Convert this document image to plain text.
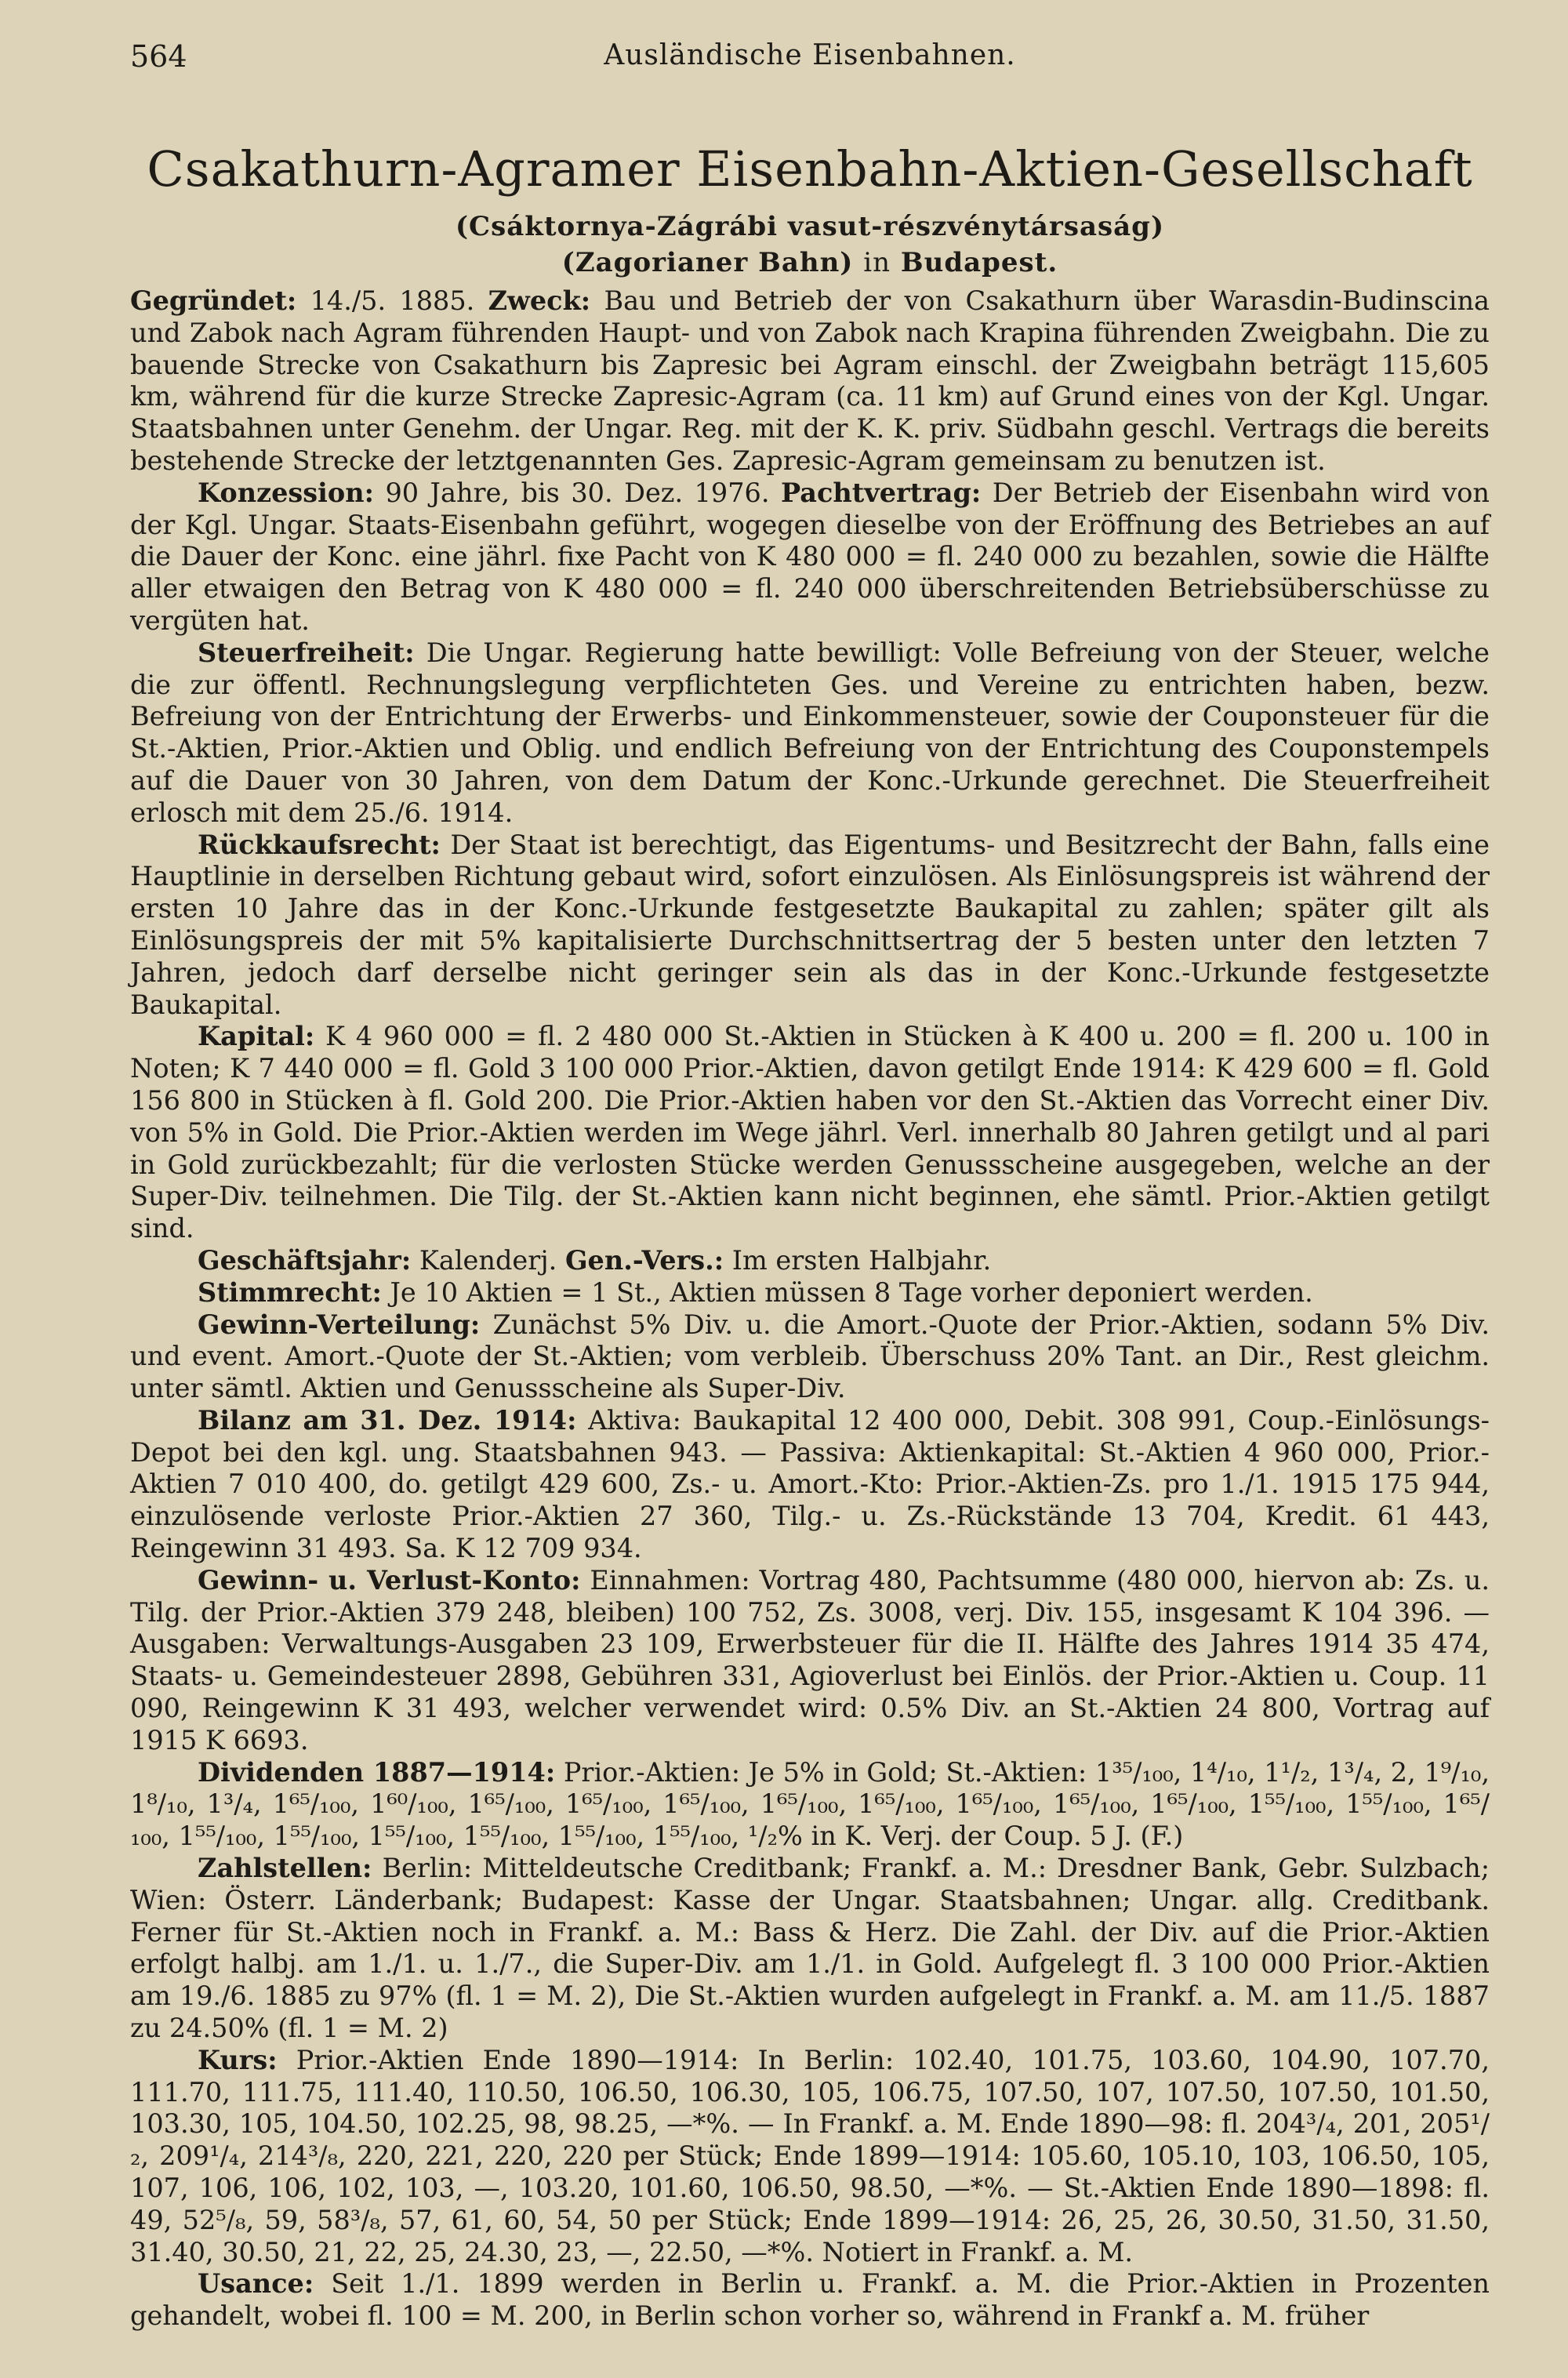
564	Ausländische Eisenbahnen.
Csakathurn-Agramer Eisenbahn-Aktien-Gesellschaft
(Csáktornya-Zágrábi vasut-részvénytársaság)
(Zagorianer Bahn) in Budapest.

Gegründet: 14./5. 1885. Zweck: Bau und Betrieb der von Csakathurn über Warasdin-Budinscina und Zabok nach Agram führenden Haupt- und von Zabok nach Krapina führenden Zweigbahn. Die zu bauende Strecke von Csakathurn bis Zapresic bei Agram einschl. der Zweigbahn beträgt 115,605 km, während für die kurze Strecke Zapresic-Agram (ca. 11 km) auf Grund eines von der Kgl. Ungar. Staatsbahnen unter Genehm. der Ungar. Reg. mit der K. K. priv. Südbahn geschl. Vertrags die bereits bestehende Strecke der letztgenannten Ges. Zapresic-Agram gemeinsam zu benutzen ist.

Konzession: 90 Jahre, bis 30. Dez. 1976. Pachtvertrag: Der Betrieb der Eisenbahn wird von der Kgl. Ungar. Staats-Eisenbahn geführt, wogegen dieselbe von der Eröffnung des Betriebes an auf die Dauer der Konc. eine jährl. fixe Pacht von K 480 000 = fl. 240 000 zu bezahlen, sowie die Hälfte aller etwaigen den Betrag von K 480 000 = fl. 240 000 überschreitenden Betriebsüberschüsse zu vergüten hat.

Steuerfreiheit: Die Ungar. Regierung hatte bewilligt: Volle Befreiung von der Steuer, welche die zur öffentl. Rechnungslegung verpflichteten Ges. und Vereine zu entrichten haben, bezw. Befreiung von der Entrichtung der Erwerbs- und Einkommensteuer, sowie der Couponsteuer für die St.-Aktien, Prior.-Aktien und Oblig. und endlich Befreiung von der Entrichtung des Couponstempels auf die Dauer von 30 Jahren, von dem Datum der Konc.-Urkunde gerechnet. Die Steuerfreiheit erlosch mit dem 25./6. 1914.

Rückkaufsrecht: Der Staat ist berechtigt, das Eigentums- und Besitzrecht der Bahn, falls eine Hauptlinie in derselben Richtung gebaut wird, sofort einzulösen. Als Einlösungspreis ist während der ersten 10 Jahre das in der Konc.-Urkunde festgesetzte Baukapital zu zahlen; später gilt als Einlösungspreis der mit 5% kapitalisierte Durchschnittsertrag der 5 besten unter den letzten 7 Jahren, jedoch darf derselbe nicht geringer sein als das in der Konc.-Urkunde festgesetzte Baukapital.

Kapital: K 4 960 000 = fl. 2 480 000 St.-Aktien in Stücken à K 400 u. 200 = fl. 200 u. 100 in Noten; K 7 440 000 = fl. Gold 3 100 000 Prior.-Aktien, davon getilgt Ende 1914: K 429 600 = fl. Gold 156 800 in Stücken à fl. Gold 200. Die Prior.-Aktien haben vor den St.-Aktien das Vorrecht einer Div. von 5% in Gold. Die Prior.-Aktien werden im Wege jährl. Verl. innerhalb 80 Jahren getilgt und al pari in Gold zurückbezahlt; für die verlosten Stücke werden Genussscheine ausgegeben, welche an der Super-Div. teilnehmen. Die Tilg. der St.-Aktien kann nicht beginnen, ehe sämtl. Prior.-Aktien getilgt sind.

Geschäftsjahr: Kalenderj. Gen.-Vers.: Im ersten Halbjahr.

Stimmrecht: Je 10 Aktien = 1 St., Aktien müssen 8 Tage vorher deponiert werden.

Gewinn-Verteilung: Zunächst 5% Div. u. die Amort.-Quote der Prior.-Aktien, sodann 5% Div. und event. Amort.-Quote der St.-Aktien; vom verbleib. Überschuss 20% Tant. an Dir., Rest gleichm. unter sämtl. Aktien und Genussscheine als Super-Div.

Bilanz am 31. Dez. 1914: Aktiva: Baukapital 12 400 000, Debit. 308 991, Coup.-Einlösungs-Depot bei den kgl. ung. Staatsbahnen 943. — Passiva: Aktienkapital: St.-Aktien 4 960 000, Prior.-Aktien 7 010 400, do. getilgt 429 600, Zs.- u. Amort.-Kto: Prior.-Aktien-Zs. pro 1./1. 1915 175 944, einzulösende verloste Prior.-Aktien 27 360, Tilg.- u. Zs.-Rückstände 13 704, Kredit. 61 443, Reingewinn 31 493. Sa. K 12 709 934.

Gewinn- u. Verlust-Konto: Einnahmen: Vortrag 480, Pachtsumme (480 000, hiervon ab: Zs. u. Tilg. der Prior.-Aktien 379 248, bleiben) 100 752, Zs. 3008, verj. Div. 155, insgesamt K 104 396. — Ausgaben: Verwaltungs-Ausgaben 23 109, Erwerbsteuer für die II. Hälfte des Jahres 1914 35 474, Staats- u. Gemeindesteuer 2898, Gebühren 331, Agioverlust bei Einlös. der Prior.-Aktien u. Coup. 11 090, Reingewinn K 31 493, welcher verwendet wird: 0.5% Div. an St.-Aktien 24 800, Vortrag auf 1915 K 6693.

Dividenden 1887—1914: Prior.-Aktien: Je 5% in Gold; St.-Aktien: 1³⁵/₁₀₀, 1⁴/₁₀, 1¹/₂, 1³/₄, 2, 1⁹/₁₀, 1⁸/₁₀, 1³/₄, 1⁶⁵/₁₀₀, 1⁶⁰/₁₀₀, 1⁶⁵/₁₀₀, 1⁶⁵/₁₀₀, 1⁶⁵/₁₀₀, 1⁶⁵/₁₀₀, 1⁶⁵/₁₀₀, 1⁶⁵/₁₀₀, 1⁶⁵/₁₀₀, 1⁶⁵/₁₀₀, 1⁵⁵/₁₀₀, 1⁵⁵/₁₀₀, 1⁶⁵/₁₀₀, 1⁵⁵/₁₀₀, 1⁵⁵/₁₀₀, 1⁵⁵/₁₀₀, 1⁵⁵/₁₀₀, 1⁵⁵/₁₀₀, 1⁵⁵/₁₀₀, ¹/₂% in K. Verj. der Coup. 5 J. (F.)

Zahlstellen: Berlin: Mitteldeutsche Creditbank; Frankf. a. M.: Dresdner Bank, Gebr. Sulzbach; Wien: Österr. Länderbank; Budapest: Kasse der Ungar. Staatsbahnen; Ungar. allg. Creditbank. Ferner für St.-Aktien noch in Frankf. a. M.: Bass & Herz. Die Zahl. der Div. auf die Prior.-Aktien erfolgt halbj. am 1./1. u. 1./7., die Super-Div. am 1./1. in Gold. Aufgelegt fl. 3 100 000 Prior.-Aktien am 19./6. 1885 zu 97% (fl. 1 = M. 2), Die St.-Aktien wurden aufgelegt in Frankf. a. M. am 11./5. 1887 zu 24.50% (fl. 1 = M. 2)

Kurs: Prior.-Aktien Ende 1890—1914: In Berlin: 102.40, 101.75, 103.60, 104.90, 107.70, 111.70, 111.75, 111.40, 110.50, 106.50, 106.30, 105, 106.75, 107.50, 107, 107.50, 107.50, 101.50, 103.30, 105, 104.50, 102.25, 98, 98.25, —*%. — In Frankf. a. M. Ende 1890—98: fl. 204³/₄, 201, 205¹/₂, 209¹/₄, 214³/₈, 220, 221, 220, 220 per Stück; Ende 1899—1914: 105.60, 105.10, 103, 106.50, 105, 107, 106, 106, 102, 103, —, 103.20, 101.60, 106.50, 98.50, —*%. — St.-Aktien Ende 1890—1898: fl. 49, 52⁵/₈, 59, 58³/₈, 57, 61, 60, 54, 50 per Stück; Ende 1899—1914: 26, 25, 26, 30.50, 31.50, 31.50, 31.40, 30.50, 21, 22, 25, 24.30, 23, —, 22.50, —*%. Notiert in Frankf. a. M.

Usance: Seit 1./1. 1899 werden in Berlin u. Frankf. a. M. die Prior.-Aktien in Prozenten gehandelt, wobei fl. 100 = M. 200, in Berlin schon vorher so, während in Frankf a. M. früher
